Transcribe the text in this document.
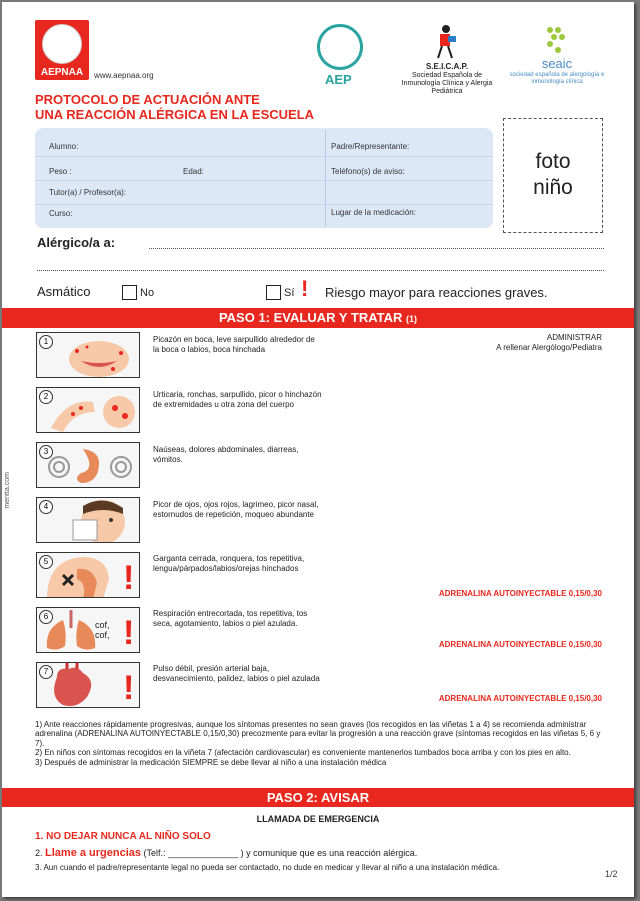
AEPNAA	www.aepnaa.org
PROTOCOLO DE ACTUACIÓN ANTE
UNA REACCIÓN ALÉRGICA EN LA ESCUELA
AEP
S.E.I.C.A.P.
Sociedad Española de Inmunología Clínica y Alergia Pediátrica
seaic
sociedad española de alergología e inmunología clínica
Alumno:	Padre/Representante:
Peso :	Edad:	Teléfono(s) de aviso:
Tutor(a) / Profesor(a):
Curso:	Lugar de la medicación:
foto
niño
Alérgico/a a:
Asmático	No	Sí ! Riesgo mayor para reacciones graves.
PASO 1: EVALUAR Y TRATAR (1)
ADMINISTRAR
A rellenar Alergólogo/Pediatra
1	Picazón en boca, leve sarpullido alrededor de la boca o labios, boca hinchada
2	Urticaria, ronchas, sarpullido, picor o hinchazón de extremidades u otra zona del cuerpo
3	Naúseas, dolores abdominales, diarreas, vómitos.
4	Picor de ojos, ojos rojos, lagrimeo, picor nasal, estornudos de repetición, moqueo abundante
5 !
Garganta cerrada, ronquera, tos repetitiva, lengua/párpados/labios/orejas hinchados
ADRENALINA AUTOINYECTABLE 0,15/0,30
6 !
cof,
cof,
Respiración entrecortada, tos repetitiva, tos seca, agotamiento, labios o piel azulada.
ADRENALINA AUTOINYECTABLE 0,15/0,30
7 !
Pulso débil, presión arterial baja, desvanecimiento, palidez, labios o piel azulada
ADRENALINA AUTOINYECTABLE 0,15/0,30
mentta.com
1) Ante reacciones rápidamente progresivas, aunque los síntomas presentes no sean graves (los recogidos en las viñetas 1 a 4) se recomienda administrar adrenalina (ADRENALINA AUTOINYECTABLE 0,15/0,30) precozmente para evitar la progresión a una reacción grave (síntomas recogidos en las viñetas 5, 6 y 7).
2) En niños con síntomas recogidos en la viñeta 7 (afectación cardiovascular) es conveniente mantenerlos tumbados boca arriba y con los pies en alto.
3) Después de administrar la medicación SIEMPRE se debe llevar al niño a una instalación médica
PASO 2: AVISAR
LLAMADA DE EMERGENCIA
1. NO DEJAR NUNCA AL NIÑO SOLO
2. Llame a urgencias (Telf.: ______________ ) y comunique que es una reacción alérgica.
3. Aun cuando el padre/representante legal no pueda ser contactado, no dude en medicar y llevar al niño a una instalación médica.
1/2
